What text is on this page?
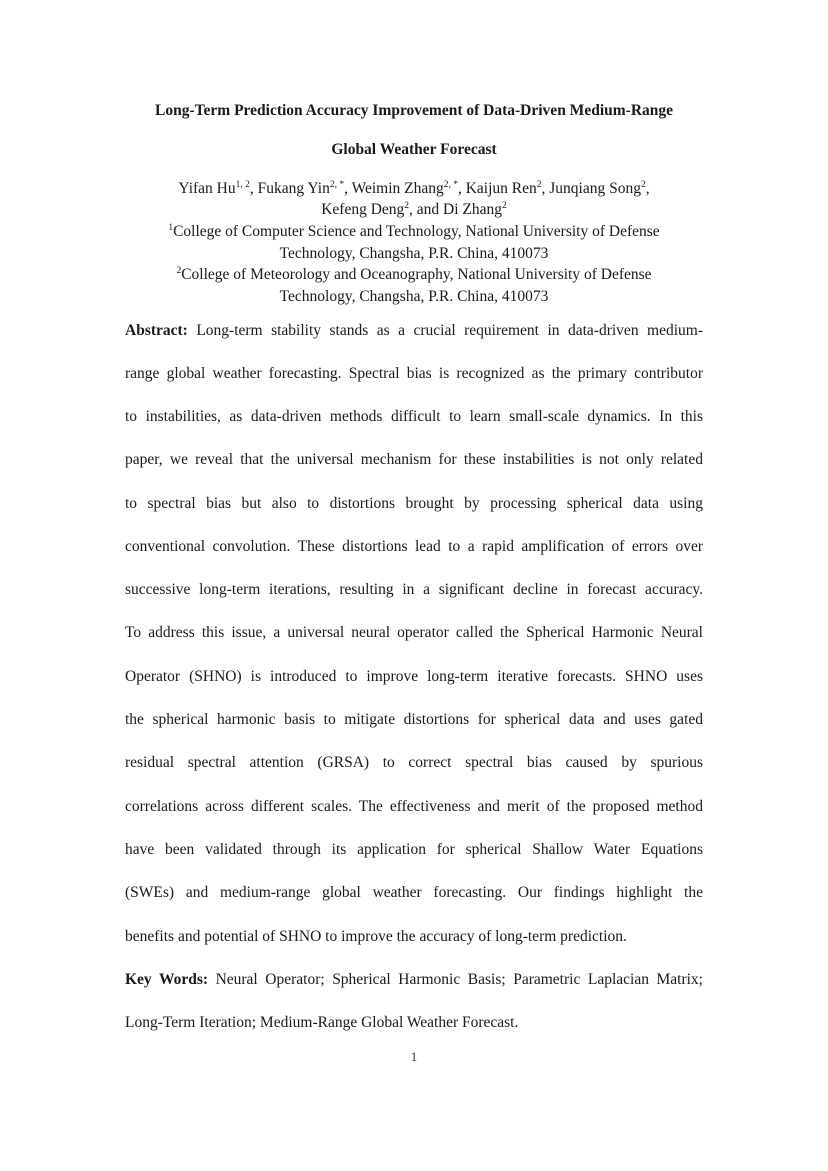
Long-Term Prediction Accuracy Improvement of Data-Driven Medium-Range
Global Weather Forecast
Yifan Hu$^{1, 2}$, Fukang Yin$^{2, *}$, Weimin Zhang$^{2, *}$, Kaijun Ren$^2$, Junqiang Song$^2$,
Kefeng Deng$^2$, and Di Zhang$^2$
$^1$College of Computer Science and Technology, National University of Defense
Technology, Changsha, P.R. China, 410073
$^2$College of Meteorology and Oceanography, National University of Defense
Technology, Changsha, P.R. China, 410073
Abstract: Long-term stability stands as a crucial requirement in data-driven medium-
range global weather forecasting. Spectral bias is recognized as the primary contributor
to instabilities, as data-driven methods difficult to learn small-scale dynamics. In this
paper, we reveal that the universal mechanism for these instabilities is not only related
to spectral bias but also to distortions brought by processing spherical data using
conventional convolution. These distortions lead to a rapid amplification of errors over
successive long-term iterations, resulting in a significant decline in forecast accuracy.
To address this issue, a universal neural operator called the Spherical Harmonic Neural
Operator (SHNO) is introduced to improve long-term iterative forecasts. SHNO uses
the spherical harmonic basis to mitigate distortions for spherical data and uses gated
residual spectral attention (GRSA) to correct spectral bias caused by spurious
correlations across different scales. The effectiveness and merit of the proposed method
have been validated through its application for spherical Shallow Water Equations
(SWEs) and medium-range global weather forecasting. Our findings highlight the
benefits and potential of SHNO to improve the accuracy of long-term prediction.
Key Words: Neural Operator; Spherical Harmonic Basis; Parametric Laplacian Matrix;
Long-Term Iteration; Medium-Range Global Weather Forecast.
1
